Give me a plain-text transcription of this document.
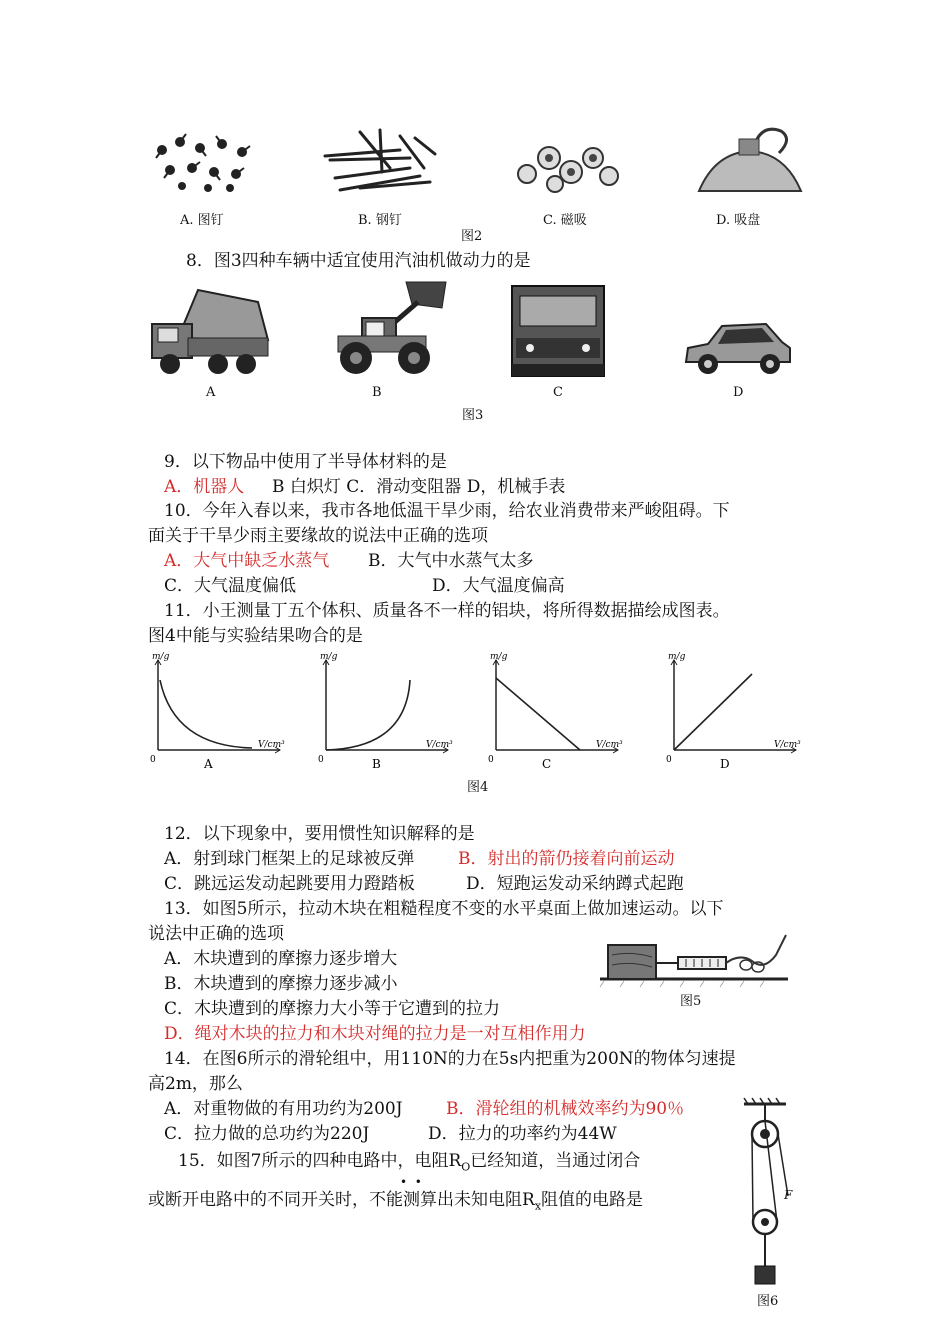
A. 图钉	B. 钢钉	C. 磁吸	D. 吸盘
图2
8．图3四种车辆中适宜使用汽油机做动力的是
A	B	C	D
图3
9．以下物品中使用了半导体材料的是
A．机器人 B 白炽灯 C．滑动变阻器 D，机械手表
10．今年入春以来，我市各地低温干旱少雨，给农业消费带来严峻阻碍。下
面关于干旱少雨主要缘故的说法中正确的选项
A．大气中缺乏水蒸气 B．大气中水蒸气太多
C．大气温度偏低	D．大气温度偏高
11．小王测量丁五个体积、质量各不一样的铝块，将所得数据描绘成图表。
图4中能与实验结果吻合的是
m/g
V/cm³
0	A
m/g
V/cm³
0	B
m/g
V/cm³
0	C
m/g
V/cm³
0	D
图4
12．以下现象中，要用惯性知识解释的是
A．射到球门框架上的足球被反弹	B．射出的箭仍接着向前运动
C．跳远运发动起跳要用力蹬踏板	D．短跑运发动采纳蹲式起跑
13．如图5所示，拉动木块在粗糙程度不变的水平桌面上做加速运动。以下
说法中正确的选项
A．木块遭到的摩擦力逐步增大
B．木块遭到的摩擦力逐步减小
C．木块遭到的摩擦力大小等于它遭到的拉力
D．绳对木块的拉力和木块对绳的拉力是一对互相作用力
图5
14．在图6所示的滑轮组中，用110N的力在5s内把重为200N的物体匀速提
高2m，那么
A．对重物做的有用功约为200J	B．滑轮组的机械效率约为90％
C．拉力做的总功约为220J	D．拉力的功率约为44W
F
图6
15．如图7所示的四种电路中，电阻$R_O$已经知道，当通过闭合
•  •
或断开电路中的不同开关时，不能测算出未知电阻$R_x$阻值的电路是
